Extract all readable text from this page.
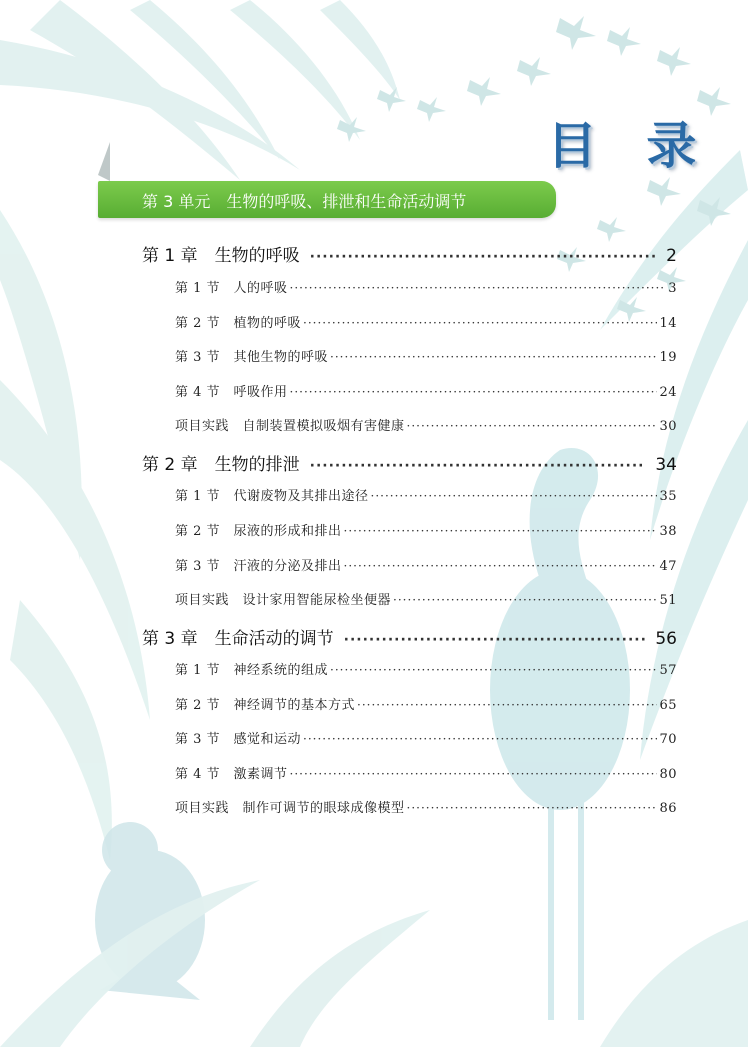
目 录
第 3 单元　生物的呼吸、排泄和生命活动调节
第 1 章　生物的呼吸 ·····	2
第 1 节　人的呼吸 ·····	3
第 2 节　植物的呼吸 ·····	14
第 3 节　其他生物的呼吸 ·····	19
第 4 节　呼吸作用 ·····	24
项目实践　自制装置模拟吸烟有害健康 ·····	30
第 2 章　生物的排泄 ·····	34
第 1 节　代谢废物及其排出途径 ·····	35
第 2 节　尿液的形成和排出 ·····	38
第 3 节　汗液的分泌及排出 ·····	47
项目实践　设计家用智能尿检坐便器 ·····	51
第 3 章　生命活动的调节 ·····	56
第 1 节　神经系统的组成 ·····	57
第 2 节　神经调节的基本方式 ·····	65
第 3 节　感觉和运动 ·····	70
第 4 节　激素调节 ·····	80
项目实践　制作可调节的眼球成像模型 ·····	86
